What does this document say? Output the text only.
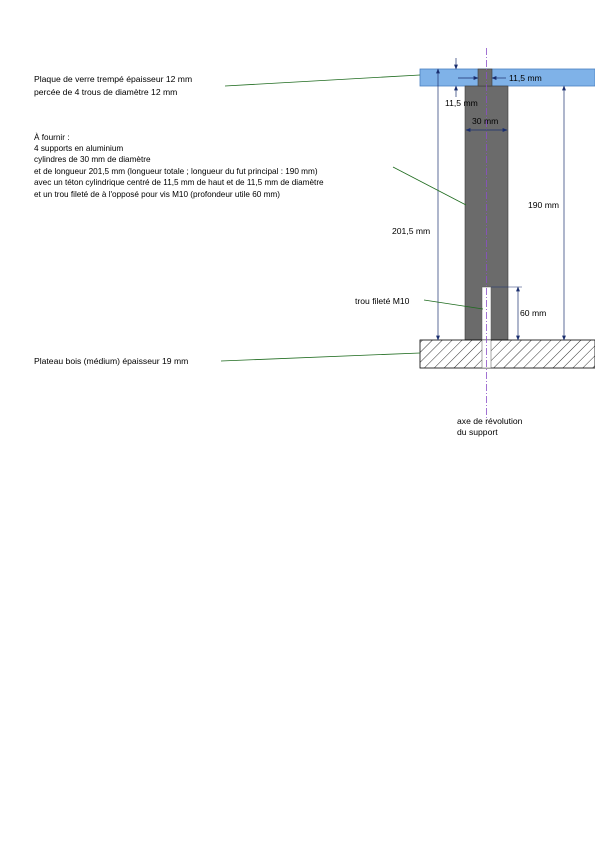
Plaque de verre trempé épaisseur 12 mm
percée de 4 trous de diamètre 12 mm
À fournir :
4 supports en aluminium
cylindres de 30 mm de diamètre
et de longueur 201,5 mm (longueur totale ; longueur du fut principal : 190 mm)
avec un téton cylindrique centré de 11,5 mm de haut et de 11,5 mm de diamètre
et un trou fileté de à l'opposé pour vis M10 (profondeur utile 60 mm)
Plateau bois (médium) épaisseur 19 mm
11,5 mm
11,5 mm
30 mm
190 mm
201,5 mm
60 mm
trou fileté M10
axe de révolution
du support
